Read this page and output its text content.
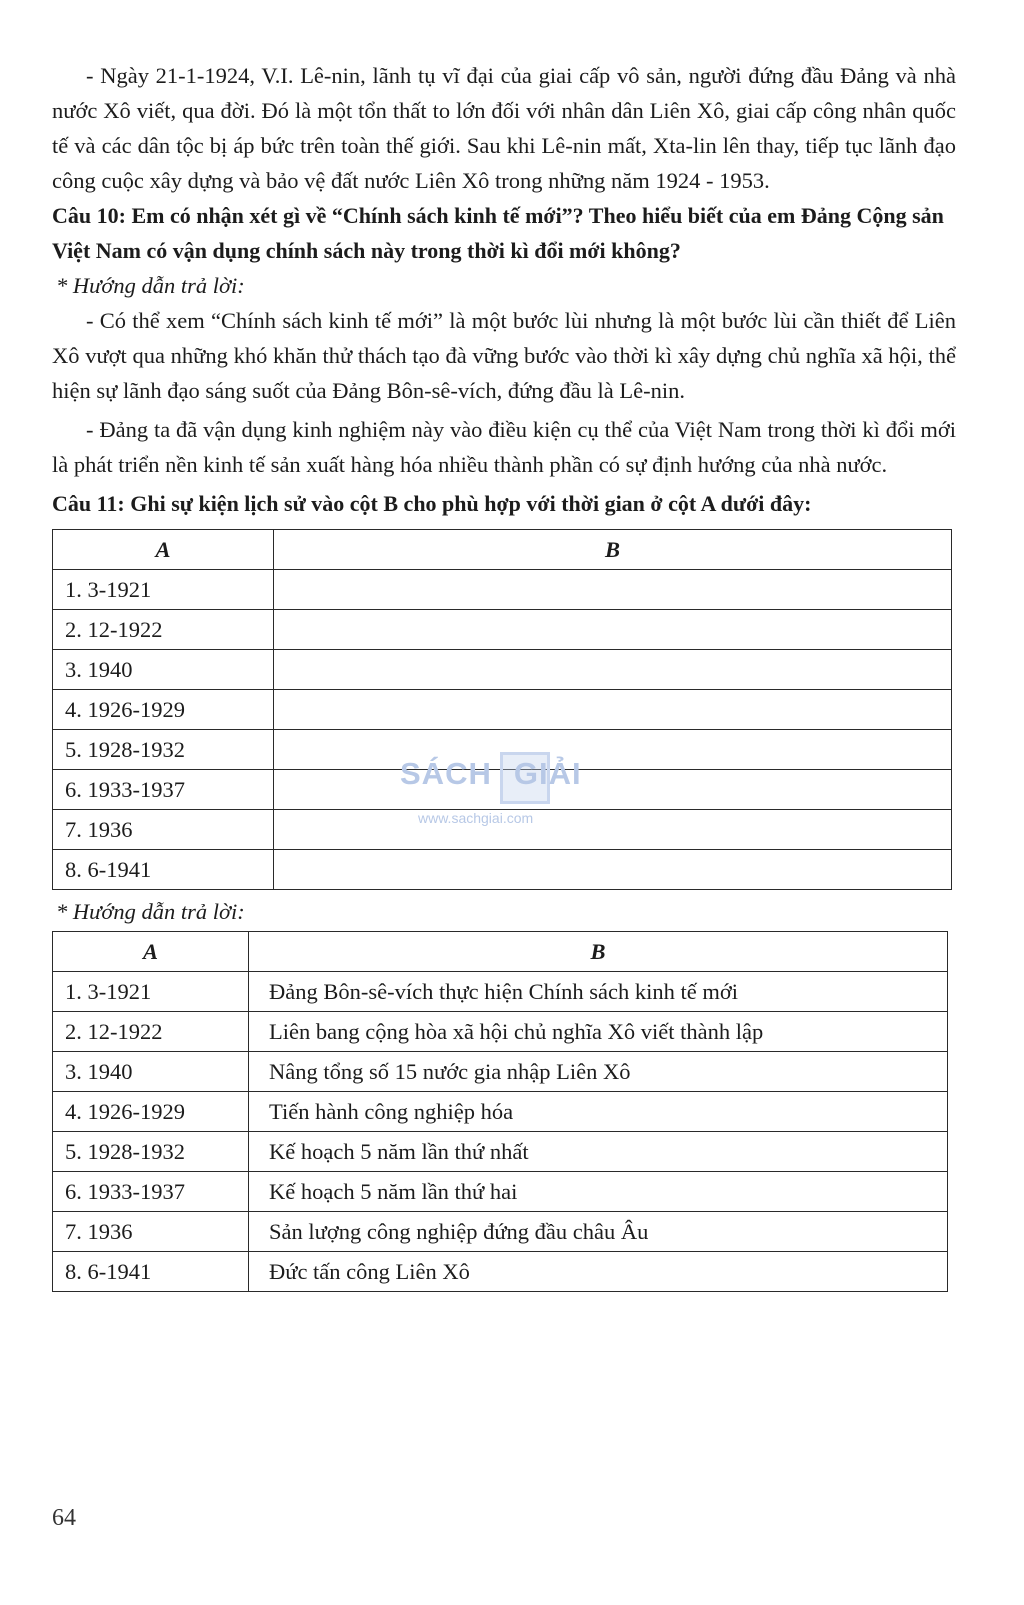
- Ngày 21-1-1924, V.I. Lê-nin, lãnh tụ vĩ đại của giai cấp vô sản, người đứng đầu Đảng và nhà nước Xô viết, qua đời. Đó là một tổn thất to lớn đối với nhân dân Liên Xô, giai cấp công nhân quốc tế và các dân tộc bị áp bức trên toàn thế giới. Sau khi Lê-nin mất, Xta-lin lên thay, tiếp tục lãnh đạo công cuộc xây dựng và bảo vệ đất nước Liên Xô trong những năm 1924 - 1953.

Câu 10: Em có nhận xét gì về “Chính sách kinh tế mới”? Theo hiểu biết của em Đảng Cộng sản Việt Nam có vận dụng chính sách này trong thời kì đổi mới không?

* Hướng dẫn trả lời:

- Có thể xem “Chính sách kinh tế mới” là một bước lùi nhưng là một bước lùi cần thiết để Liên Xô vượt qua những khó khăn thử thách tạo đà vững bước vào thời kì xây dựng chủ nghĩa xã hội, thể hiện sự lãnh đạo sáng suốt của Đảng Bôn-sê-vích, đứng đầu là Lê-nin.

- Đảng ta đã vận dụng kinh nghiệm này vào điều kiện cụ thể của Việt Nam trong thời kì đổi mới là phát triển nền kinh tế sản xuất hàng hóa nhiều thành phần có sự định hướng của nhà nước.

Câu 11: Ghi sự kiện lịch sử vào cột B cho phù hợp với thời gian ở cột A dưới đây:

A	B
1. 3-1921	
2. 12-1922	
3. 1940	
4. 1926-1929	
5. 1928-1932	
6. 1933-1937	
7. 1936	
8. 6-1941	

* Hướng dẫn trả lời:

A	B
1. 3-1921	Đảng Bôn-sê-vích thực hiện Chính sách kinh tế mới
2. 12-1922	Liên bang cộng hòa xã hội chủ nghĩa Xô viết thành lập
3. 1940	Nâng tổng số 15 nước gia nhập Liên Xô
4. 1926-1929	Tiến hành công nghiệp hóa
5. 1928-1932	Kế hoạch 5 năm lần thứ nhất
6. 1933-1937	Kế hoạch 5 năm lần thứ hai
7. 1936	Sản lượng công nghiệp đứng đầu châu Âu
8. 6-1941	Đức tấn công Liên Xô
SÁCH GIẢI
www.sachgiai.com
64
